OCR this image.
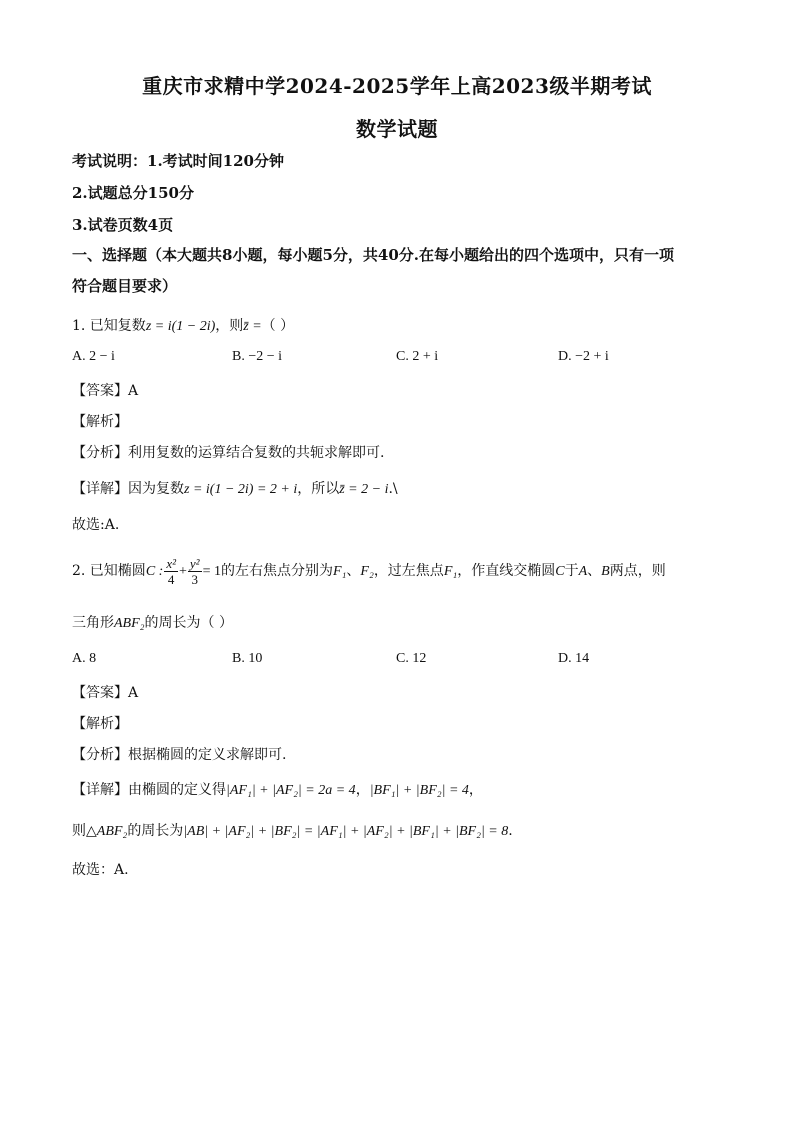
重庆市求精中学2024-2025学年上高2023级半期考试
数学试题
考试说明：1.考试时间120分钟
2.试题总分150分
3.试卷页数4页
一、选择题（本大题共8小题，每小题5分，共40分.在每小题给出的四个选项中，只有一项
符合题目要求）
1. 已知复数z = i(1 − 2i)，则z̄ =（ ）
A. 2 − i	B. −2 − i	C. 2 + i	D. −2 + i
【答案】A
【解析】
【分析】利用复数的运算结合复数的共轭求解即可.
【详解】因为复数z = i(1 − 2i) = 2 + i，所以z̄ = 2 − i.\
故选:A.
2. 已知椭圆C : $\frac{\text{x²}}{4} + \frac{\text{y²}}{3} = 1$的左右焦点分别为F₁、F₂，过左焦点F₁，作直线交椭圆C于A、B两点，则
三角形ABF₂的周长为（ ）
A. 8	B. 10	C. 12	D. 14
【答案】A
【解析】
【分析】根据椭圆的定义求解即可.
【详解】由椭圆的定义得|AF₁| + |AF₂| = 2a = 4，|BF₁| + |BF₂| = 4，
则△ABF₂的周长为|AB| + |AF₂| + |BF₂| = |AF₁| + |AF₂| + |BF₁| + |BF₂| = 8.
故选：A.
